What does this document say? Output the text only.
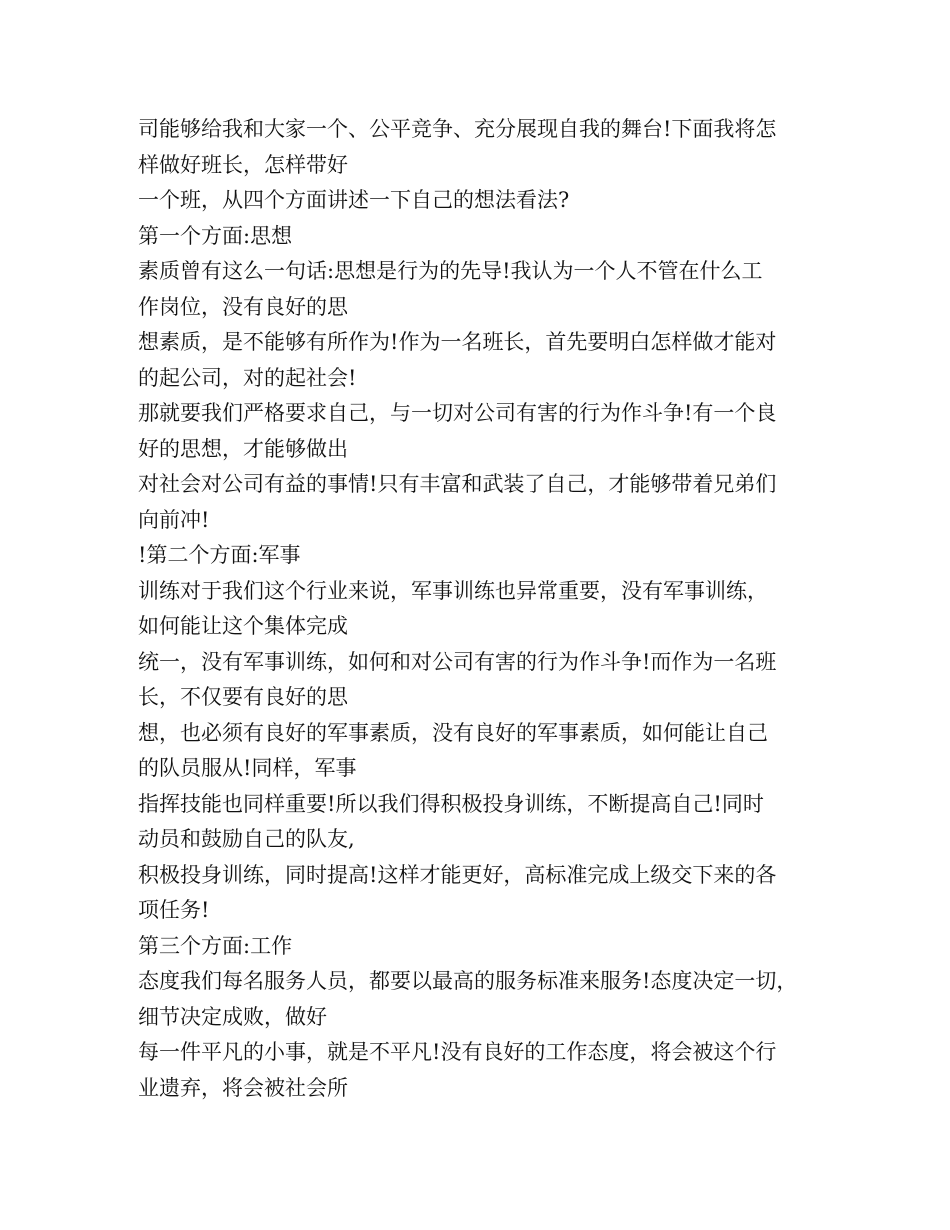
司能够给我和大家一个、公平竞争、充分展现自我的舞台!下面我将怎
样做好班长，怎样带好
一个班，从四个方面讲述一下自己的想法看法?
第一个方面:思想
素质曾有这么一句话:思想是行为的先导!我认为一个人不管在什么工
作岗位，没有良好的思
想素质，是不能够有所作为!作为一名班长，首先要明白怎样做才能对
的起公司，对的起社会!
那就要我们严格要求自己，与一切对公司有害的行为作斗争!有一个良
好的思想，才能够做出
对社会对公司有益的事情!只有丰富和武装了自己，才能够带着兄弟们
向前冲!
!第二个方面:军事
训练对于我们这个行业来说，军事训练也异常重要，没有军事训练，
如何能让这个集体完成
统一，没有军事训练，如何和对公司有害的行为作斗争!而作为一名班
长，不仅要有良好的思
想，也必须有良好的军事素质，没有良好的军事素质，如何能让自己
的队员服从!同样，军事
指挥技能也同样重要!所以我们得积极投身训练，不断提高自己!同时
动员和鼓励自己的队友,
积极投身训练，同时提高!这样才能更好，高标准完成上级交下来的各
项任务!
第三个方面:工作
态度我们每名服务人员，都要以最高的服务标准来服务!态度决定一切，
细节决定成败，做好
每一件平凡的小事，就是不平凡!没有良好的工作态度，将会被这个行
业遗弃，将会被社会所
